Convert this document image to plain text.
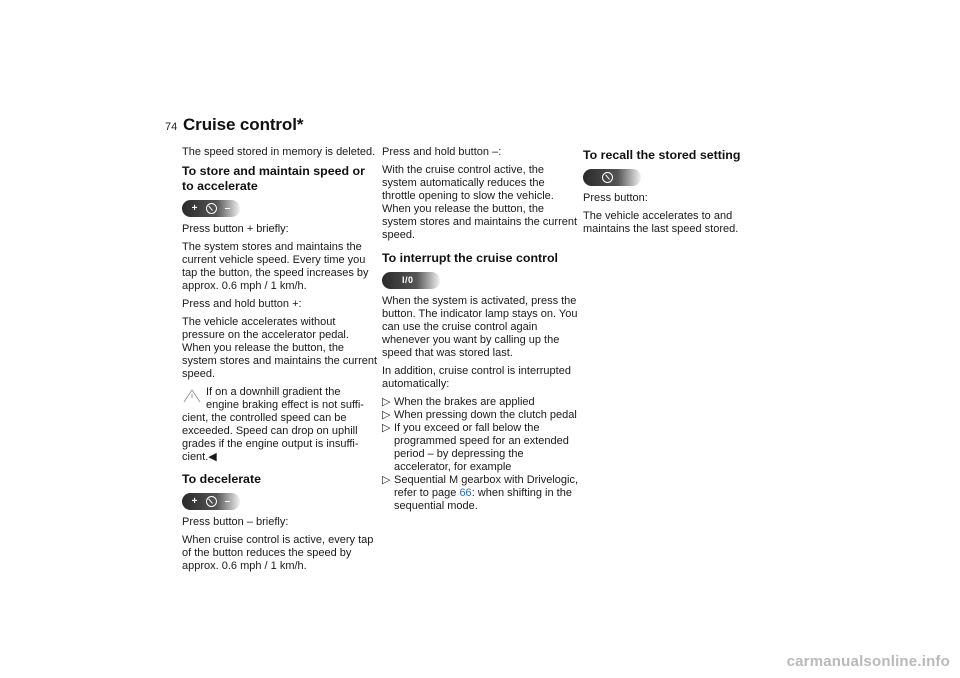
74 Cruise control*

The speed stored in memory is deleted.

To store and maintain speed or to accelerate
+	–

Press button + briefly:

The system stores and maintains the current vehicle speed. Every time you tap the button, the speed increases by approx. 0.6 mph / 1 km/h.

Press and hold button +:

The vehicle accelerates without pressure on the accelerator pedal. When you release the button, the system stores and maintains the current speed.

If on a downhill gradient the
engine braking effect is not suffi-
cient, the controlled speed can be exceeded. Speed can drop on uphill grades if the engine output is insuffi-cient.◀
To decelerate
+	–

Press button – briefly:

When cruise control is active, every tap of the button reduces the speed by approx. 0.6 mph / 1 km/h.

Press and hold button –:

With the cruise control active, the system automatically reduces the throttle opening to slow the vehicle. When you release the button, the system stores and maintains the current speed.

To interrupt the cruise control
I/0

When the system is activated, press the button. The indicator lamp stays on. You can use the cruise control again whenever you want by calling up the speed that was stored last.

In addition, cruise control is interrupted automatically:

▷ When the brakes are applied
▷ When pressing down the clutch pedal
▷ If you exceed or fall below the programmed speed for an extended period – by depressing the accelerator, for example
▷ Sequential M gearbox with Drivelogic, refer to page 66: when shifting in the sequential mode.
To recall the stored setting

Press button:

The vehicle accelerates to and maintains the last speed stored.

carmanualsonline.info
